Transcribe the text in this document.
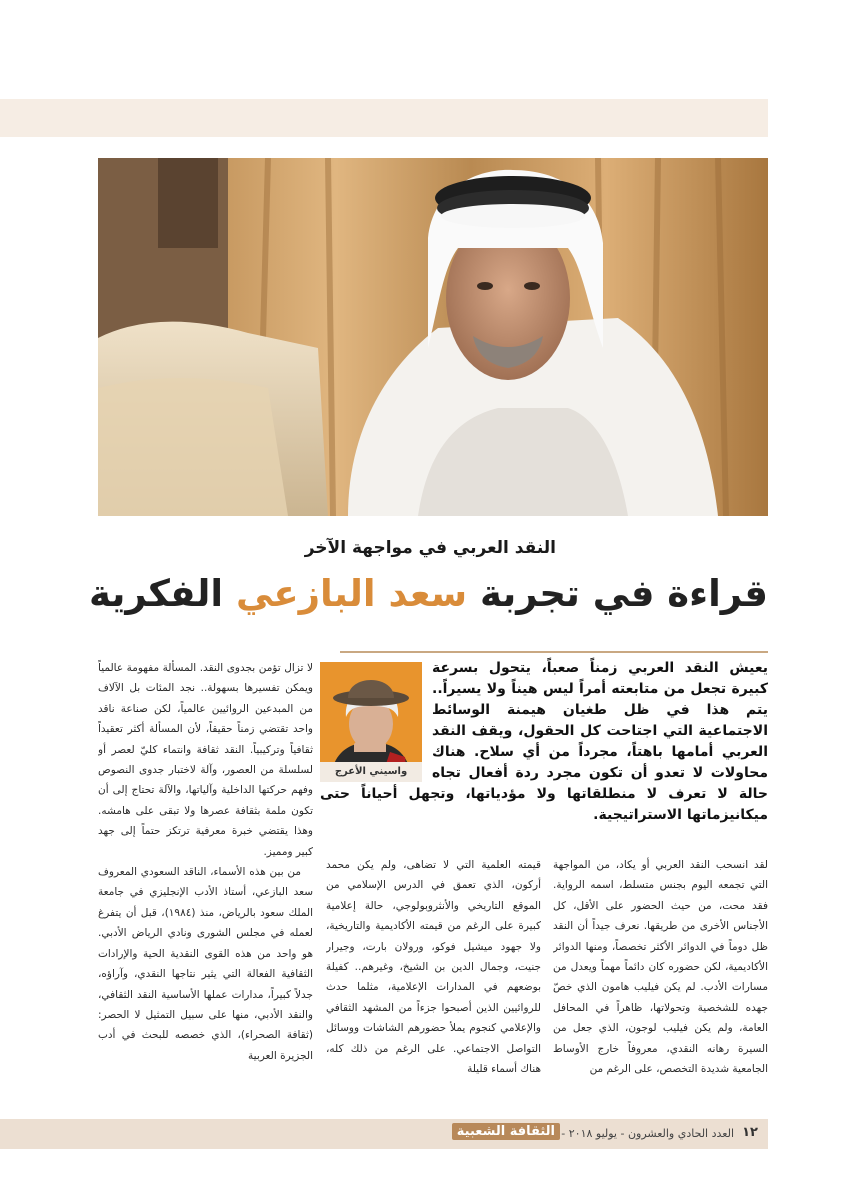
النقد العربي في مواجهة الآخر
قراءة في تجربة سعد البازعي الفكرية
واسيني الأعرج

يعيش النقد العربي زمناً صعباً، يتحول بسرعة كبيرة تجعل من متابعته أمراً ليس هيناً ولا يسيراً.. يتم هذا في ظل طغيان هيمنة الوسائط الاجتماعية التي اجتاحت كل الحقول، ويقف النقد العربي أمامها باهتاً، مجرداً من أي سلاح. هناك محاولات لا تعدو أن تكون مجرد ردة أفعال تجاه حالة لا تعرف لا منطلقاتها ولا مؤدياتها، وتجهل أحياناً حتى ميكانيزماتها الاستراتيجية.

لقد انسحب النقد العربي أو يكاد، من المواجهة التي تجمعه اليوم بجنس متسلط، اسمه الرواية. فقد محت، من حيث الحضور على الأقل، كل الأجناس الأخرى من طريقها. نعرف جيداً أن النقد ظل دوماً في الدوائر الأكثر تخصصاً، ومنها الدوائر الأكاديمية، لكن حضوره كان دائماً مهماً ويعدل من مسارات الأدب. لم يكن فيليب هامون الذي خصّ جهده للشخصية وتحولاتها، ظاهراً في المحافل العامة، ولم يكن فيليب لوجون، الذي جعل من السيرة رهانه النقدي، معروفاً خارج الأوساط الجامعية شديدة التخصص، على الرغم من

قيمته العلمية التي لا تضاهى، ولم يكن محمد أركون، الذي تعمق في الدرس الإسلامي من الموقع التاريخي والأنثروبولوجي، حالة إعلامية كبيرة على الرغم من قيمته الأكاديمية والتاريخية، ولا جهود ميشيل فوكو، ورولان بارت، وجيرار جنيت، وجمال الدين بن الشيخ، وغيرهم.. كفيلة بوضعهم في المدارات الإعلامية، مثلما حدث للروائيين الذين أصبحوا جزءاً من المشهد الثقافي والإعلامي كنجوم يملأ حضورهم الشاشات ووسائل التواصل الاجتماعي. على الرغم من ذلك كله، هناك أسماء قليلة

لا تزال تؤمن بجدوى النقد. المسألة مفهومة عالمياً ويمكن تفسيرها بسهولة.. نجد المئات بل الآلاف من المبدعين الروائيين عالمياً، لكن صناعة ناقد واحد تقتضي زمناً حقيقاً، لأن المسألة أكثر تعقيداً ثقافياً وتركيبياً. النقد ثقافة وانتماء كليّ لعصر أو لسلسلة من العصور، وآلة لاختبار جدوى النصوص وفهم حركتها الداخلية وآلياتها، والآلة تحتاج إلى أن تكون ملمة بثقافة عصرها ولا تبقى على هامشه. وهذا يقتضي خبرة معرفية ترتكز حتماً إلى جهد كبير ومميز.

من بين هذه الأسماء، الناقد السعودي المعروف سعد البازعي، أستاذ الأدب الإنجليزي في جامعة الملك سعود بالرياض، منذ (١٩٨٤)، قبل أن يتفرغ لعمله في مجلس الشورى ونادي الرياض الأدبي. هو واحد من هذه القوى النقدية الحية والإرادات الثقافية الفعالة التي يثير نتاجها النقدي، وآراؤه، جدلاً كبيراً، مدارات عملها الأساسية النقد الثقافي، والنقد الأدبي، منها على سبيل التمثيل لا الحصر: (ثقافة الصحراء)، الذي خصصه للبحث في أدب الجزيرة العربية

١٢
العدد الحادي والعشرون - يوليو ٢٠١٨ -
الثقافة الشعبية
